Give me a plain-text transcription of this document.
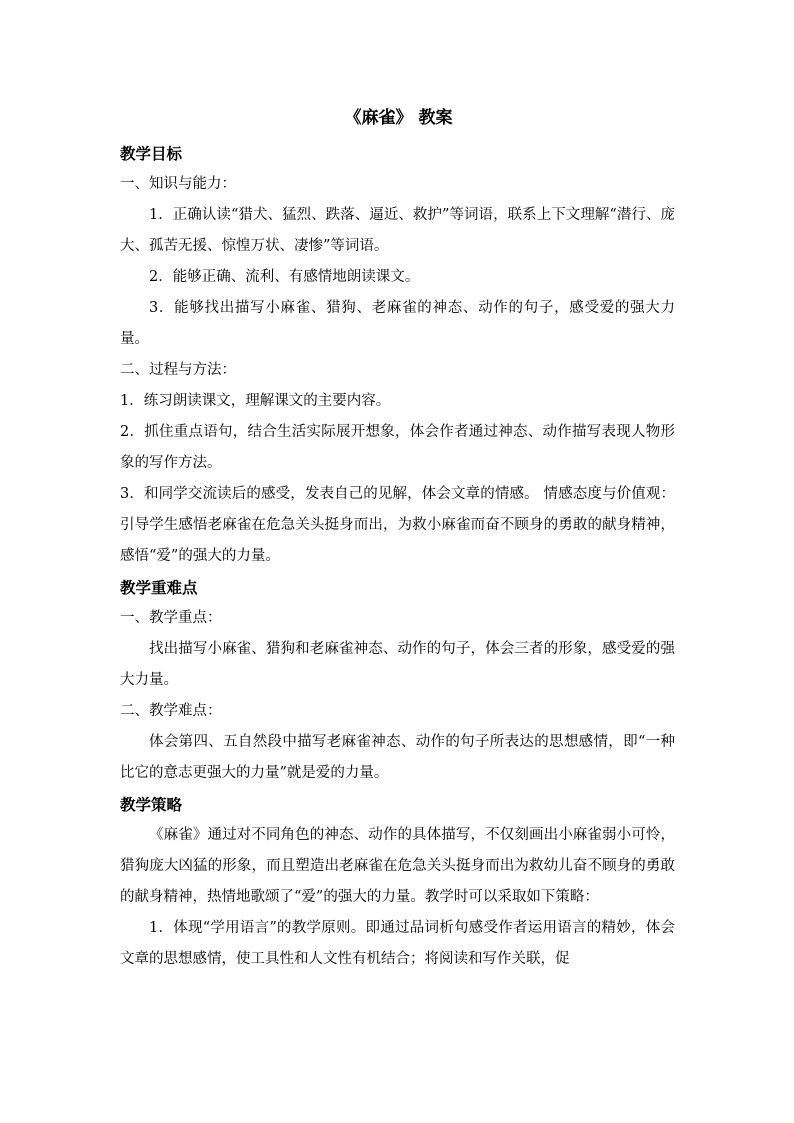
《麻雀》 教案

教学目标

一、知识与能力：

1．正确认读“猎犬、猛烈、跌落、逼近、救护”等词语，联系上下文理解“潜行、庞大、孤苦无援、惊惶万状、凄惨”等词语。

2．能够正确、流利、有感情地朗读课文。

3．能够找出描写小麻雀、猎狗、老麻雀的神态、动作的句子，感受爱的强大力量。

二、过程与方法：

1．练习朗读课文，理解课文的主要内容。

2．抓住重点语句，结合生活实际展开想象，体会作者通过神态、动作描写表现人物形象的写作方法。

3．和同学交流读后的感受，发表自己的见解，体会文章的情感。 情感态度与价值观： 引导学生感悟老麻雀在危急关头挺身而出，为救小麻雀而奋不顾身的勇敢的献身精神，感悟“爱”的强大的力量。

教学重难点

一、教学重点：

找出描写小麻雀、猎狗和老麻雀神态、动作的句子，体会三者的形象，感受爱的强大力量。

二、教学难点：

体会第四、五自然段中描写老麻雀神态、动作的句子所表达的思想感情，即“一种比它的意志更强大的力量”就是爱的力量。

教学策略

《麻雀》通过对不同角色的神态、动作的具体描写，不仅刻画出小麻雀弱小可怜，猎狗庞大凶猛的形象，而且塑造出老麻雀在危急关头挺身而出为救幼儿奋不顾身的勇敢的献身精神，热情地歌颂了“爱”的强大的力量。教学时可以采取如下策略：

1．体现“学用语言”的教学原则。即通过品词析句感受作者运用语言的精妙，体会文章的思想感情，使工具性和人文性有机结合；将阅读和写作关联，促
